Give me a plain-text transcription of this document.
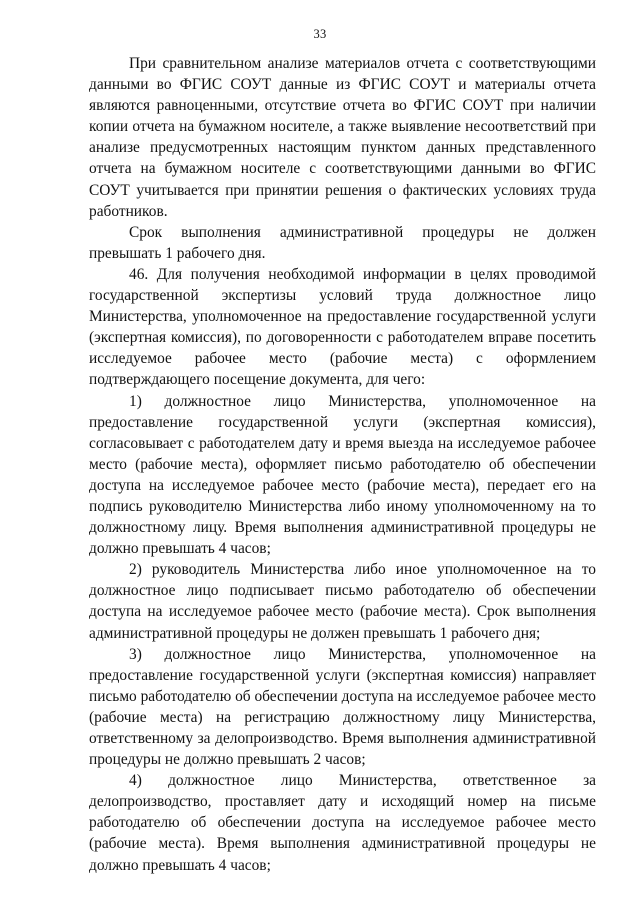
33

При сравнительном анализе материалов отчета с соответствующими данными во ФГИС СОУТ данные из ФГИС СОУТ и материалы отчета являются равноценными, отсутствие отчета во ФГИС СОУТ при наличии копии отчета на бумажном носителе, а также выявление несоответствий при анализе предусмотренных настоящим пунктом данных представленного отчета на бумажном носителе с соответствующими данными во ФГИС СОУТ учитывается при принятии решения о фактических условиях труда работников.

Срок выполнения административной процедуры не должен превышать 1 рабочего дня.

46. Для получения необходимой информации в целях проводимой государственной экспертизы условий труда должностное лицо Министерства, уполномоченное на предоставление государственной услуги (экспертная комиссия), по договоренности с работодателем вправе посетить исследуемое рабочее место (рабочие места) с оформлением подтверждающего посещение документа, для чего:

1) должностное лицо Министерства, уполномоченное на предоставление государственной услуги (экспертная комиссия), согласовывает с работодателем дату и время выезда на исследуемое рабочее место (рабочие места), оформляет письмо работодателю об обеспечении доступа на исследуемое рабочее место (рабочие места), передает его на подпись руководителю Министерства либо иному уполномоченному на то должностному лицу. Время выполнения административной процедуры не должно превышать 4 часов;

2) руководитель Министерства либо иное уполномоченное на то должностное лицо подписывает письмо работодателю об обеспечении доступа на исследуемое рабочее место (рабочие места). Срок выполнения административной процедуры не должен превышать 1 рабочего дня;

3) должностное лицо Министерства, уполномоченное на предоставление государственной услуги (экспертная комиссия) направляет письмо работодателю об обеспечении доступа на исследуемое рабочее место (рабочие места) на регистрацию должностному лицу Министерства, ответственному за делопроизводство. Время выполнения административной процедуры не должно превышать 2 часов;

4) должностное лицо Министерства, ответственное за делопроизводство, проставляет дату и исходящий номер на письме работодателю об обеспечении доступа на исследуемое рабочее место (рабочие места). Время выполнения административной процедуры не должно превышать 4 часов;
